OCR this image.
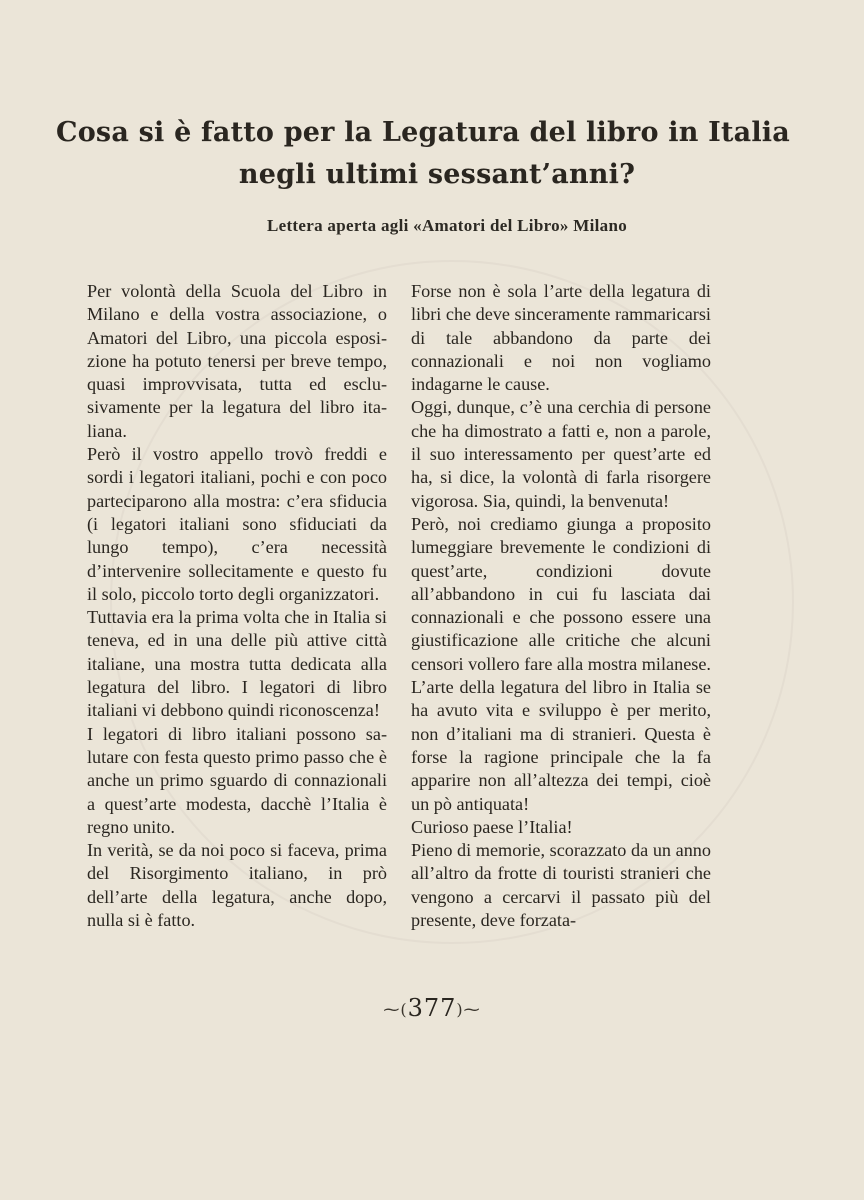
Cosa si è fatto per la Legatura del libro in Italia
negli ultimi sessant’anni?
Lettera aperta agli «Amatori del Libro» Milano

Per volontà della Scuola del Libro in Milano e della vostra associazione, o Amatori del Libro, una piccola esposizione ha potuto tenersi per breve tempo, quasi improvvisata, tutta ed esclusivamente per la legatura del libro italiana.

Però il vostro appello trovò freddi e sordi i legatori italiani, pochi e con poco parteciparono alla mostra: c’era sfiducia (i legatori italiani sono sfiduciati da lungo tempo), c’era necessità d’intervenire sollecitamente e questo fu il solo, piccolo torto degli organizzatori.

Tuttavia era la prima volta che in Italia si teneva, ed in una delle più attive città italiane, una mostra tutta dedicata alla legatura del libro. I legatori di libro italiani vi debbono quindi riconoscenza!

I legatori di libro italiani possono salutare con festa questo primo passo che è anche un primo sguardo di connazionali a quest’arte modesta, dacchè l’Italia è regno unito.

In verità, se da noi poco si faceva, prima del Risorgimento italiano, in prò dell’arte della legatura, anche dopo, nulla si è fatto.

Forse non è sola l’arte della legatura di libri che deve sinceramente rammaricarsi di tale abbandono da parte dei connazionali e noi non vogliamo indagarne le cause.

Oggi, dunque, c’è una cerchia di persone che ha dimostrato a fatti e, non a parole, il suo interessamento per quest’arte ed ha, si dice, la volontà di farla risorgere vigorosa. Sia, quindi, la benvenuta!

Però, noi crediamo giunga a proposito lumeggiare brevemente le condizioni di quest’arte, condizioni dovute all’abbandono in cui fu lasciata dai connazionali e che possono essere una giustificazione alle critiche che alcuni censori vollero fare alla mostra milanese.

L’arte della legatura del libro in Italia se ha avuto vita e sviluppo è per merito, non d’italiani ma di stranieri. Questa è forse la ragione principale che la fa apparire non all’altezza dei tempi, cioè un pò antiquata!

Curioso paese l’Italia!

Pieno di memorie, scorazzato da un anno all’altro da frotte di touristi stranieri che vengono a cercarvi il passato più del presente, deve forzata-

⁓(377)⁓
